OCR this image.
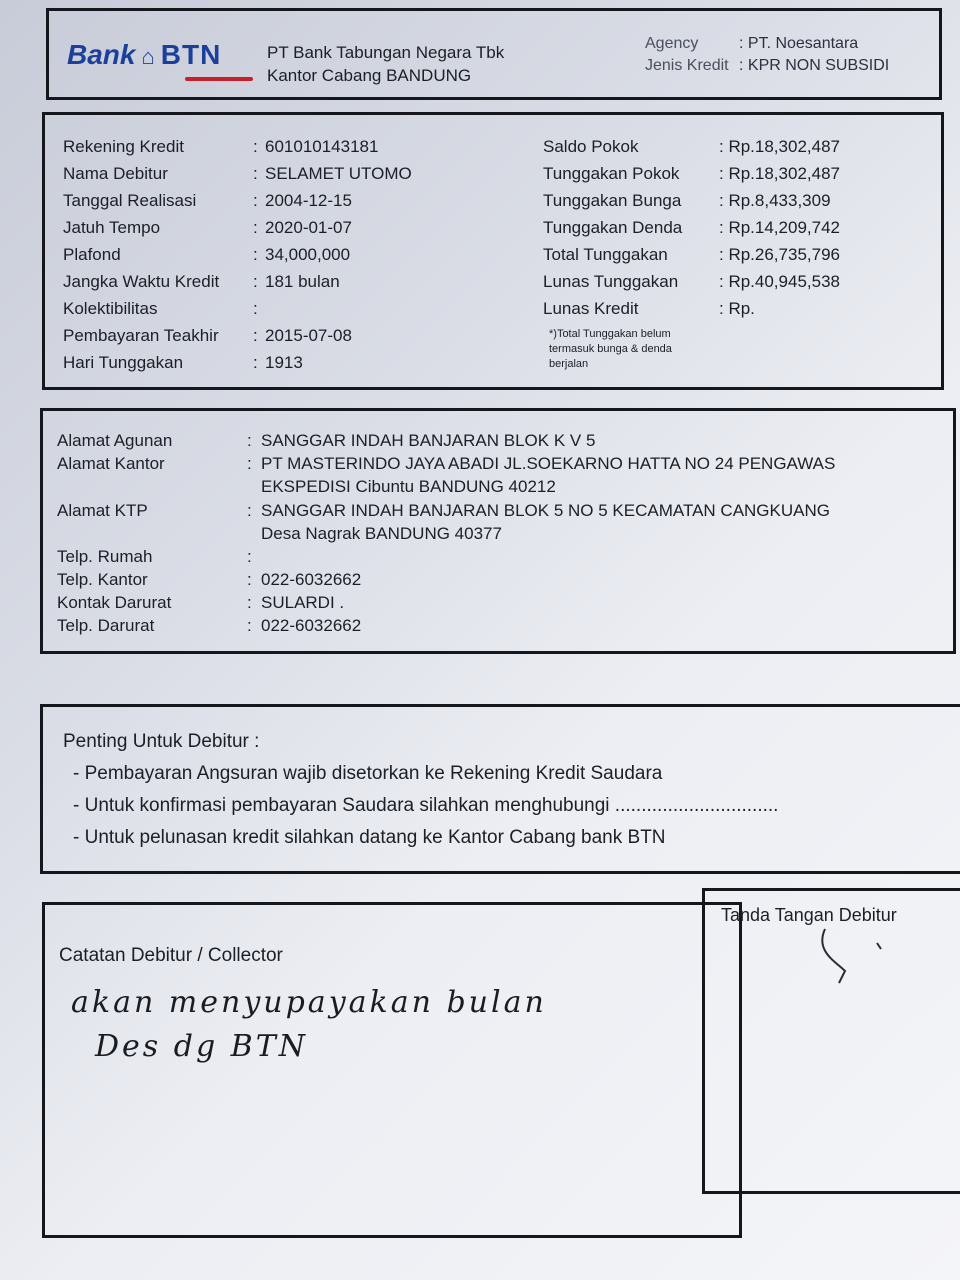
Bank ⌂ BTN	PT Bank Tabungan Negara Tbk
Kantor Cabang BANDUNG
Agency	: PT. Noesantara
Jenis Kredit : KPR NON SUBSIDI
Rekening Kredit	: 601010143181
Nama Debitur	: SELAMET UTOMO
Tanggal Realisasi	: 2004-12-15
Jatuh Tempo	: 2020-01-07
Plafond	: 34,000,000
Jangka Waktu Kredit : 181 bulan
Kolektibilitas	:
Pembayaran Teakhir : 2015-07-08
Hari Tunggakan	: 1913
Saldo Pokok	: Rp.18,302,487
Tunggakan Pokok : Rp.18,302,487
Tunggakan Bunga : Rp.8,433,309
Tunggakan Denda : Rp.14,209,742
Total Tunggakan	: Rp.26,735,796
Lunas Tunggakan : Rp.40,945,538
Lunas Kredit	: Rp.
*)Total Tunggakan belum
termasuk bunga & denda
berjalan
Alamat Agunan	: SANGGAR INDAH BANJARAN BLOK K V 5
Alamat Kantor	: PT MASTERINDO JAYA ABADI JL.SOEKARNO HATTA NO 24 PENGAWAS
EKSPEDISI Cibuntu BANDUNG 40212
Alamat KTP	: SANGGAR INDAH BANJARAN BLOK 5 NO 5 KECAMATAN CANGKUANG
Desa Nagrak BANDUNG 40377
Telp. Rumah	:
Telp. Kantor	: 022-6032662
Kontak Darurat	: SULARDI .
Telp. Darurat	: 022-6032662
Penting Untuk Debitur :
- Pembayaran Angsuran wajib disetorkan ke Rekening Kredit Saudara
- Untuk konfirmasi pembayaran Saudara silahkan menghubungi ...............................
- Untuk pelunasan kredit silahkan datang ke Kantor Cabang bank BTN
Catatan Debitur / Collector
akan menyupayakan bulan
Des dg BTN
Tanda Tangan Debitur
